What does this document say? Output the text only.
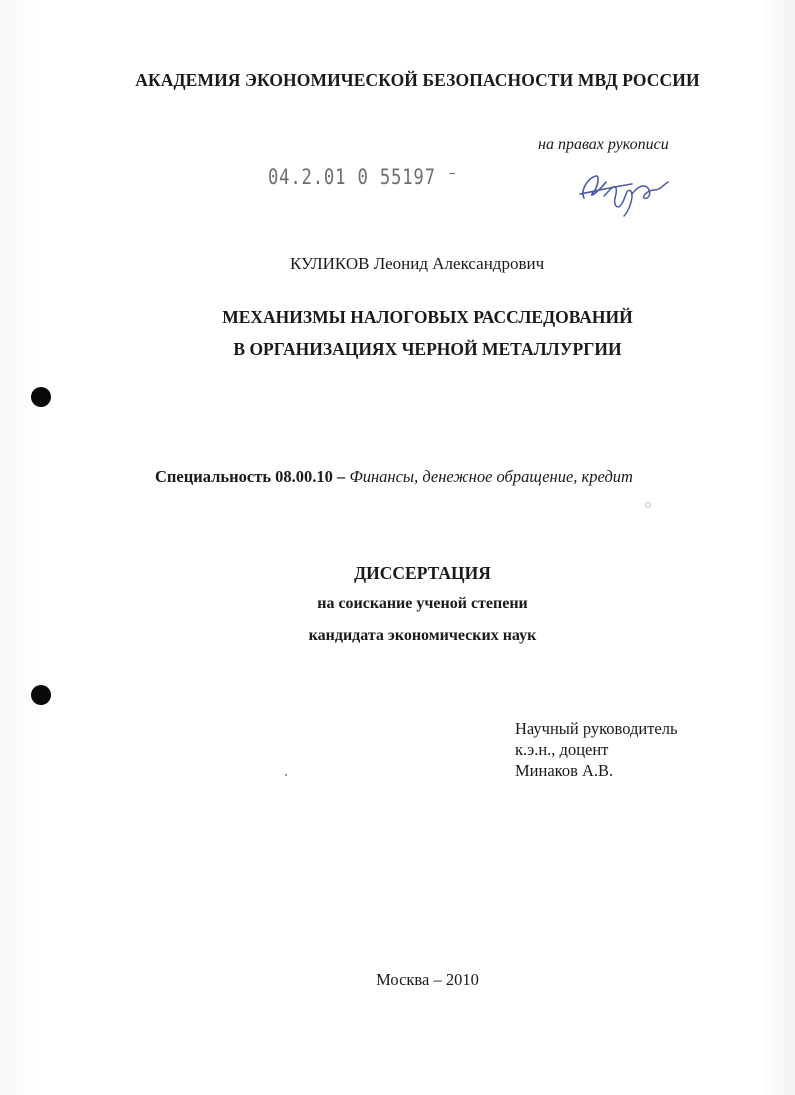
АКАДЕМИЯ ЭКОНОМИЧЕСКОЙ БЕЗОПАСНОСТИ МВД РОССИИ
на правах рукописи
04.2.01 0 55197 ⁻
КУЛИКОВ Леонид Александрович
МЕХАНИЗМЫ НАЛОГОВЫХ РАССЛЕДОВАНИЙ
В ОРГАНИЗАЦИЯХ ЧЕРНОЙ МЕТАЛЛУРГИИ
Специальность 08.00.10 – Финансы, денежное обращение, кредит
ДИССЕРТАЦИЯ
на соискание ученой степени
кандидата экономических наук
Научный руководитель
к.э.н., доцент
Минаков А.В.
Москва – 2010
